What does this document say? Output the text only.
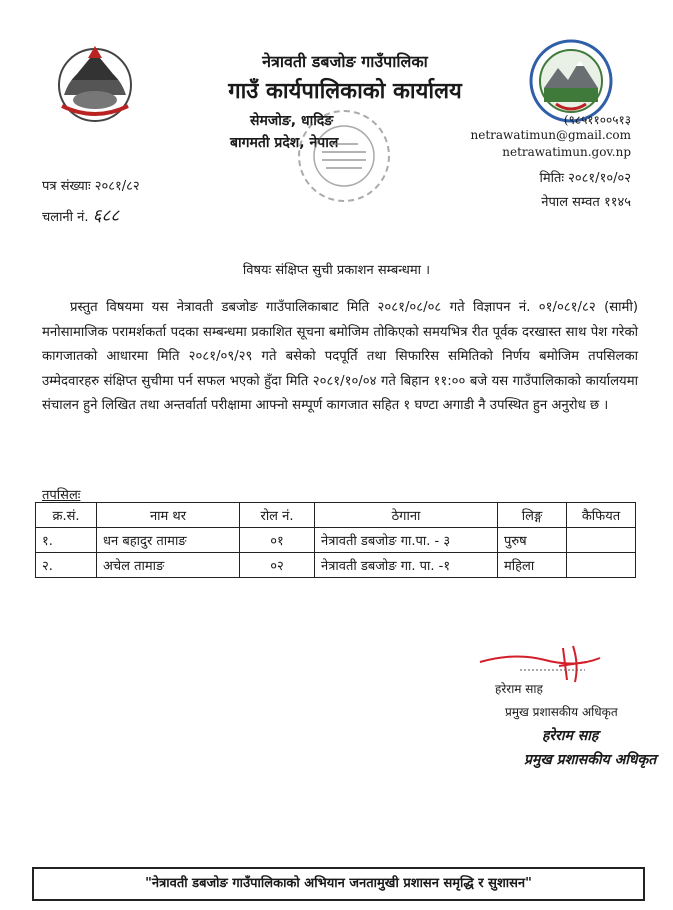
नेत्रावती डबजोङ गाउँपालिका
गाउँ कार्यपालिकाको कार्यालय
सेमजोङ, धादिङ
बागमती प्रदेश, नेपाल
(९८५११००५१३
netrawatimun@gmail.com
netrawatimun.gov.np
पत्र संख्याः २०८१/८२
चलानी नं. ६८८
मितिः २०८१/१०/०२
नेपाल सम्वत ११४५
विषयः संक्षिप्त सुची प्रकाशन सम्बन्धमा ।
प्रस्तुत विषयमा यस नेत्रावती डबजोङ गाउँपालिकाबाट मिति २०८१/०८/०८ गते विज्ञापन नं. ०१/०८१/८२ (सामी) मनोसामाजिक परामर्शकर्ता पदका सम्बन्धमा प्रकाशित सूचना बमोजिम तोकिएको समयभित्र रीत पूर्वक दरखास्त साथ पेश गरेको कागजातको आधारमा मिति २०८१/०९/२९ गते बसेको पदपूर्ति तथा सिफारिस समितिको निर्णय बमोजिम तपसिलका उम्मेदवारहरु संक्षिप्त सुचीमा पर्न सफल भएको हुँदा मिति २०८१/१०/०४ गते बिहान ११:०० बजे यस गाउँपालिकाको कार्यालयमा संचालन हुने लिखित तथा अन्तर्वार्ता परीक्षामा आफ्नो सम्पूर्ण कागजात सहित १ घण्टा अगाडी नै उपस्थित हुन अनुरोध छ ।
तपसिलः
क्र.सं.	नाम थर	रोल नं.	ठेगाना	लिङ्ग	कैफियत
१.	धन बहादुर तामाङ	०१	नेत्रावती डबजोङ गा.पा. - ३	पुरुष	
२.	अचेल तामाङ	०२	नेत्रावती डबजोङ गा. पा. -१	महिला	
हरेराम साह
प्रमुख प्रशासकीय अधिकृत
हरेराम साह
प्रमुख प्रशासकीय अधिकृत
"नेत्रावती डबजोङ गाउँपालिकाको अभियान जनतामुखी प्रशासन समृद्धि र सुशासन"
